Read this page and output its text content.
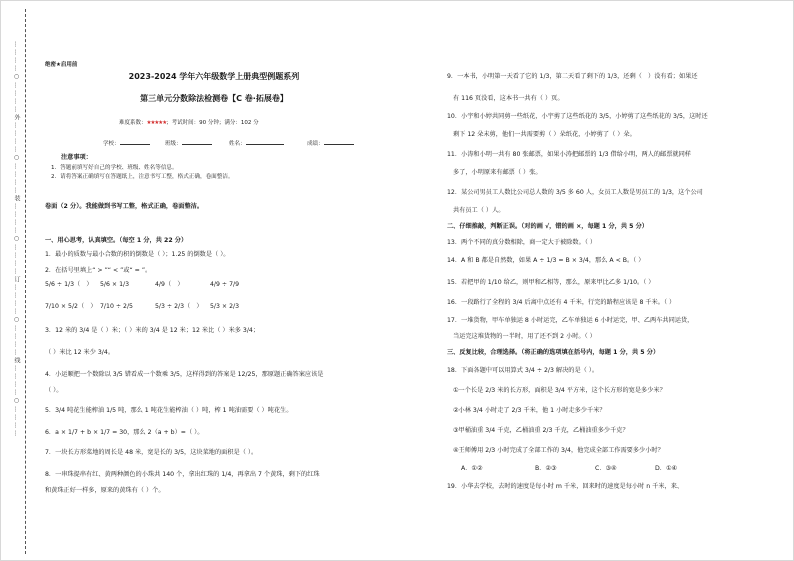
…………○…………外…………○…………装…………○…………订…………○…………线…………○…………	绝密★启用前
2023-2024 学年六年级数学上册典型例题系列
第三单元分数除法检测卷【C 卷·拓展卷】
难度系数：★★★★★；考试时间：90 分钟；满分：102 分
学校：	班级：	姓名：	成绩：
注意事项：
1．答题前填写好自己的学校、班级、姓名等信息。
2．请将答案正确填写在答题纸上，注意书写工整，格式正确，卷面整洁。
卷面（2 分）。我能做到书写工整，格式正确，卷面整洁。
一、用心思考，认真填空。（每空 1 分，共 22 分）
1．最小的质数与最小合数的积的倒数是（ ）；1.25 的倒数是（ ）。
2．在括号里填上“ > ”“ < ”或“ = ”。
5/6 ÷ 1/3（　） 5/6 × 1/3	4/9（　）	4/9 ÷ 7/9
7/10 × 5/2（　） 7/10 ÷ 2/5	5/3 ÷ 2/3（　） 5/3 × 2/3
3．12 米的 3/4 是（ ）米；（ ）米的 3/4 是 12 米；12 米比（ ）米多 3/4；
（ ）米比 12 米少 3/4。
4．小运顺把一个数除以 3/5 错看成一个数乘 3/5，这样得到的答案是 12/25，那原题正确答案应该是
（ ）。
5．3/4 吨花生能榨油 1/5 吨，那么 1 吨花生能榨油（ ）吨，榨 1 吨油需要（ ）吨花生。
6．a × 1/7 + b × 1/7 = 30，那么 2（a + b）=（ ）。
7．一块长方形菜地的周长是 48 米，宽是长的 3/5，这块菜地的面积是（ ）。
8．一串珠提串有红、黄两种颜色的小珠共 140 个，拿出红珠的 1/4，再拿出 7 个黄珠，剩下的红珠
和黄珠正好一样多，原来的黄珠有（ ）个。
9．一本书，小明第一天看了它的 1/3，第二天看了剩下的 1/3，还剩（　）没有看；如果还
有 116 页没看，这本书一共有（ ）页。
10．小宇和小婷共同剪一些纸花，小宇剪了这些纸花的 3/5，小婷剪了这些纸花的 3/5，这时还
剩下 12 朵未剪，他们一共需要剪（ ）朵纸花，小婷剪了（ ）朵。
11．小涛和小明一共有 80 张邮票，如果小涛把邮票的 1/3 借给小明，两人的邮票就同样
多了，小明原来有邮票（ ）张。
12．某公司男员工人数比公司总人数的 3/5 多 60 人，女员工人数是男员工的 1/3，这个公司
共有员工（ ）人。
二、仔细推敲，判断正误。（对的画 √，错的画 ×，每题 1 分，共 5 分）
13．两个不同的真分数相除，商一定大于被除数。（ ）
14．A 和 B 都是自然数，如果 A ÷ 1/3 = B × 3/4，那么 A < B。（ ）
15．若把甲的 1/10 给乙，则甲和乙相等，那么，原来甲比乙多 1/10。（ ）
16．一段路行了全程的 3/4 后离中点还有 4 千米，行完的路程应该是 8 千米。（ ）
17．一堆货物，甲车单独运 8 小时运完，乙车单独运 6 小时运完，甲、乙两车共同运货，
当运完这堆货物的一半时，用了还不到 2 小时。（ ）
三、反复比较，合理选择。（将正确的选项填在括号内，每题 1 分，共 5 分）
18．下面各题中可以用算式 3/4 ÷ 2/3 解决的是（ ）。
①一个长是 2/3 米的长方形，面积是 3/4 平方米，这个长方形的宽是多少米？
②小林 3/4 小时走了 2/3 千米，他 1 小时走多少千米？
③甲桶油重 3/4 千克，乙桶油重 2/3 千克，乙桶油重多少千克？
④王师傅用 2/3 小时完成了全部工作的 3/4，他完成全部工作需要多少小时？
A．①②	B．②③	C．③④	D．①④
19．小华去学校，去时的速度是每小时 m 千米，回来时的速度是每小时 n 千米，来、
